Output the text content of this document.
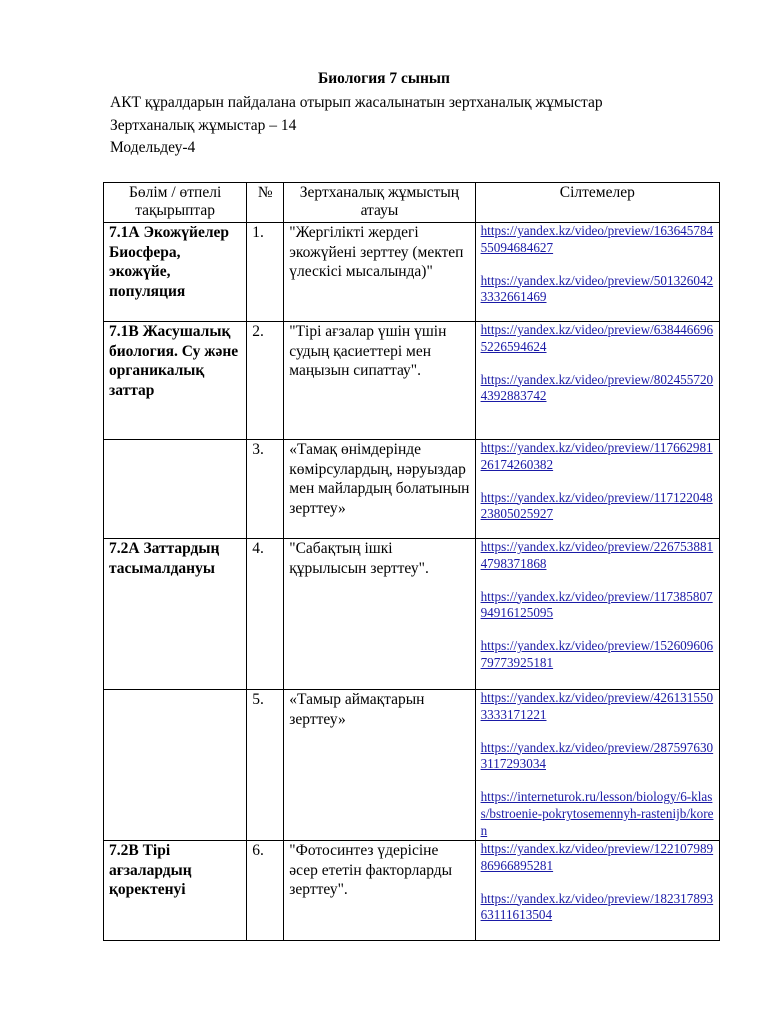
Биология 7 сынып
АКТ құралдарын пайдалана отырып жасалынатын зертханалық жұмыстар
Зертханалық жұмыстар – 14
Модельдеу-4
Бөлім / өтпелі тақырыптар	№	Зертханалық жұмыстың атауы	Сілтемелер
7.1А Экожүйелер Биосфера, экожүйе, популяция	1.	"Жергілікті жердегі экожүйені зерттеу (мектеп үлескісі мысалында)"	https://yandex.kz/video/preview/16364578455094684627
https://yandex.kz/video/preview/5013260423332661469

7.1В Жасушалық биология. Су және органикалық заттар	2.	"Тірі ағзалар үшін үшін судың қасиеттері мен маңызын сипаттау".	https://yandex.kz/video/preview/6384466965226594624
https://yandex.kz/video/preview/8024557204392883742

	3.	«Тамақ өнімдерінде көмірсулардың, нәруыздар мен майлардың болатынын зерттеу»	https://yandex.kz/video/preview/11766298126174260382
https://yandex.kz/video/preview/11712204823805025927

7.2А Заттардың тасымалдануы	4.	"Сабақтың ішкі құрылысын зерттеу".	https://yandex.kz/video/preview/2267538814798371868
https://yandex.kz/video/preview/11738580794916125095
https://yandex.kz/video/preview/15260960679773925181

	5.	«Тамыр аймақтарын зерттеу»	https://yandex.kz/video/preview/4261315503333171221
https://yandex.kz/video/preview/2875976303117293034
https://interneturok.ru/lesson/biology/6-klass/bstroenie-pokrytosemennyh-rastenijb/koren

7.2В Тірі ағзалардың қоректенуі	6.	"Фотосинтез үдерісіне әсер ететін факторларды зерттеу".	https://yandex.kz/video/preview/12210798986966895281
https://yandex.kz/video/preview/18231789363111613504
